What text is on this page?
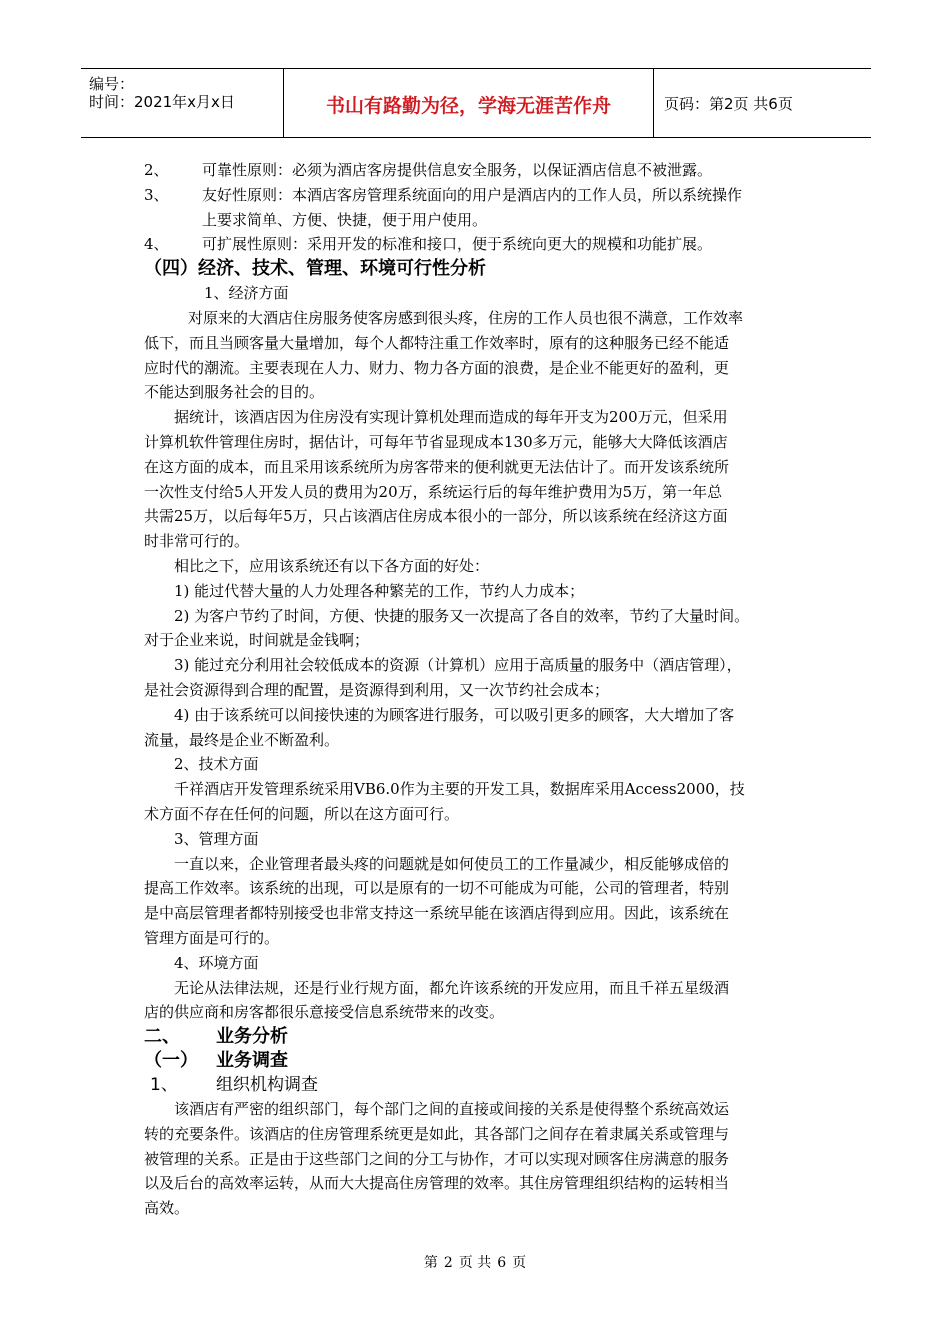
编号：
时间：2021年x月x日	书山有路勤为径，学海无涯苦作舟	页码：第2页 共6页
2、	可靠性原则：必须为酒店客房提供信息安全服务，以保证酒店信息不被泄露。
3、	友好性原则：本酒店客房管理系统面向的用户是酒店内的工作人员，所以系统操作
上要求简单、方便、快捷，便于用户使用。
4、	可扩展性原则：采用开发的标准和接口，便于系统向更大的规模和功能扩展。
（四）经济、技术、管理、环境可行性分析
1、经济方面
对原来的大酒店住房服务使客房感到很头疼，住房的工作人员也很不满意，工作效率
低下，而且当顾客量大量增加，每个人都特注重工作效率时，原有的这种服务已经不能适
应时代的潮流。主要表现在人力、财力、物力各方面的浪费，是企业不能更好的盈利，更
不能达到服务社会的目的。
据统计，该酒店因为住房没有实现计算机处理而造成的每年开支为200万元，但采用
计算机软件管理住房时，据估计，可每年节省显现成本130多万元，能够大大降低该酒店
在这方面的成本，而且采用该系统所为房客带来的便利就更无法估计了。而开发该系统所
一次性支付给5人开发人员的费用为20万，系统运行后的每年维护费用为5万，第一年总
共需25万，以后每年5万，只占该酒店住房成本很小的一部分，所以该系统在经济这方面
时非常可行的。
相比之下，应用该系统还有以下各方面的好处：
1) 能过代替大量的人力处理各种繁芜的工作，节约人力成本；
2) 为客户节约了时间，方便、快捷的服务又一次提高了各自的效率，节约了大量时间。
对于企业来说，时间就是金钱啊；
3) 能过充分利用社会较低成本的资源（计算机）应用于高质量的服务中（酒店管理），
是社会资源得到合理的配置，是资源得到利用，又一次节约社会成本；
4) 由于该系统可以间接快速的为顾客进行服务，可以吸引更多的顾客，大大增加了客
流量，最终是企业不断盈利。
2、技术方面
千祥酒店开发管理系统采用VB6.0作为主要的开发工具，数据库采用Access2000，技
术方面不存在任何的问题，所以在这方面可行。
3、管理方面
一直以来，企业管理者最头疼的问题就是如何使员工的工作量减少，相反能够成倍的
提高工作效率。该系统的出现，可以是原有的一切不可能成为可能，公司的管理者，特别
是中高层管理者都特别接受也非常支持这一系统早能在该酒店得到应用。因此，该系统在
管理方面是可行的。
4、环境方面
无论从法律法规，还是行业行规方面，都允许该系统的开发应用，而且千祥五星级酒
店的供应商和房客都很乐意接受信息系统带来的改变。
二、	业务分析
（一）	业务调查
1、	组织机构调查
该酒店有严密的组织部门，每个部门之间的直接或间接的关系是使得整个系统高效运
转的充要条件。该酒店的住房管理系统更是如此，其各部门之间存在着隶属关系或管理与
被管理的关系。正是由于这些部门之间的分工与协作，才可以实现对顾客住房满意的服务
以及后台的高效率运转，从而大大提高住房管理的效率。其住房管理组织结构的运转相当
高效。
第 2 页 共 6 页
